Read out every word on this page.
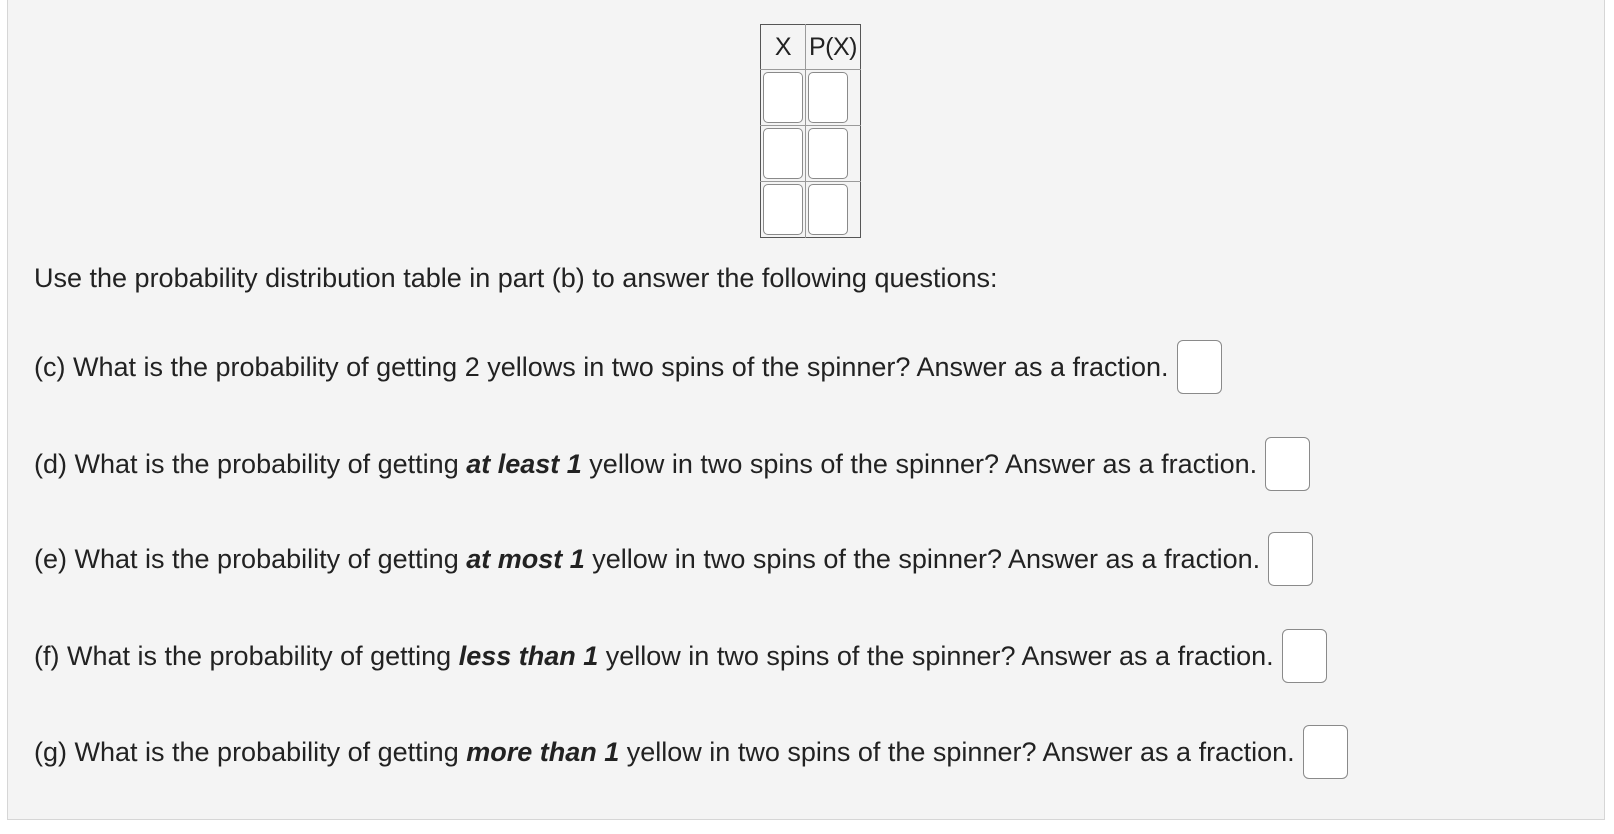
X	P(X)

Use the probability distribution table in part (b) to answer the following questions:

(c) What is the probability of getting 2 yellows in two spins of the spinner? Answer as a fraction.

(d) What is the probability of getting at least 1 yellow in two spins of the spinner? Answer as a fraction.

(e) What is the probability of getting at most 1 yellow in two spins of the spinner? Answer as a fraction.

(f) What is the probability of getting less than 1 yellow in two spins of the spinner? Answer as a fraction.

(g) What is the probability of getting more than 1 yellow in two spins of the spinner? Answer as a fraction.
